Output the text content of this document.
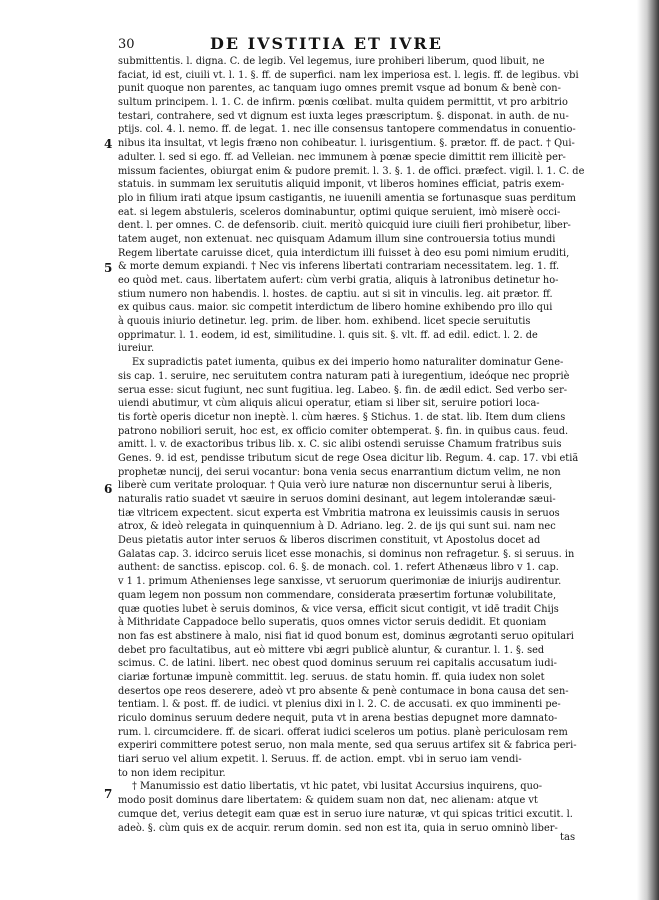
30	DE IVSTITIA ET IVRE
submittentis. l. digna. C. de legib. Vel legemus, iure prohiberi liberum, quod libuit, ne
faciat, id est, ciuili vt. l. 1. §. ff. de superfici. nam lex imperiosa est. l. legis. ff. de legibus. vbi
punit quoque non parentes, ac tanquam iugo omnes premit vsque ad bonum & benè con-
sultum principem. l. 1. C. de infirm. pœnis cœlibat. multa quidem permittit, vt pro arbitrio
testari, contrahere, sed vt dignum est iuxta leges præscriptum. §. disponat. in auth. de nu-
ptijs. col. 4. l. nemo. ff. de legat. 1. nec ille consensus tantopere commendatus in conuentio-
nibus ita insultat, vt legis fræno non cohibeatur. l. iurisgentium. §. prætor. ff. de pact. † Qui-
adulter. l. sed si ego. ff. ad Velleian. nec immunem à pœnæ specie dimittit rem illicitè per-
missum facientes, obiurgat enim & pudore premit. l. 3. §. 1. de offici. præfect. vigil. l. 1. C. de
statuis. in summam lex seruitutis aliquid imponit, vt liberos homines efficiat, patris exem-
plo in filium irati atque ipsum castigantis, ne iuuenili amentia se fortunasque suas perditum
eat. si legem abstuleris, sceleros dominabuntur, optimi quique seruient, imò miserè occi-
dent. l. per omnes. C. de defensorib. ciuit. meritò quicquid iure ciuili fieri prohibetur, liber-
tatem auget, non extenuat. nec quisquam Adamum illum sine controuersia totius mundi
Regem libertate caruisse dicet, quia interdictum illi fuisset à deo esu pomi nimium eruditi,
& morte demum expiandi. † Nec vis inferens libertati contrariam necessitatem. leg. 1. ff.
eo quòd met. caus. libertatem aufert: cùm verbi gratia, aliquis à latronibus detinetur ho-
stium numero non habendis. l. hostes. de captiu. aut si sit in vinculis. leg. ait prætor. ff.
ex quibus caus. maior. sic competit interdictum de libero homine exhibendo pro illo qui
à quouis iniurio detinetur. leg. prim. de liber. hom. exhibend. licet specie seruitutis
opprimatur. l. 1. eodem, id est, similitudine. l. quis sit. §. vlt. ff. ad edil. edict. l. 2. de
iureiur.
Ex supradictis patet iumenta, quibus ex dei imperio homo naturaliter dominatur Gene-
sis cap. 1. seruire, nec seruitutem contra naturam pati à iuregentium, ideóque nec propriè
serua esse: sicut fugiunt, nec sunt fugitiua. leg. Labeo. §. fin. de ædil edict. Sed verbo ser-
uiendi abutimur, vt cùm aliquis alicui operatur, etiam si liber sit, seruire potiori loca-
tis fortè operis dicetur non ineptè. l. cùm hæres. § Stichus. 1. de stat. lib. Item dum cliens
patrono nobiliori seruit, hoc est, ex officio comiter obtemperat. §. fin. in quibus caus. feud.
amitt. l. v. de exactoribus tribus lib. x. C. sic alibi ostendi seruisse Chamum fratribus suis
Genes. 9. id est, pendisse tributum sicut de rege Osea dicitur lib. Regum. 4. cap. 17. vbi etiã
prophetæ nuncij, dei serui vocantur: bona venia secus enarrantium dictum velim, ne non
liberè cum veritate proloquar. † Quia verò iure naturæ non discernuntur serui à liberis,
naturalis ratio suadet vt sæuire in seruos domini desinant, aut legem intolerandæ sæui-
tiæ vltricem expectent. sicut experta est Vmbritia matrona ex leuissimis causis in seruos
atrox, & ideò relegata in quinquennium à D. Adriano. leg. 2. de ijs qui sunt sui. nam nec
Deus pietatis autor inter seruos & liberos discrimen constituit, vt Apostolus docet ad
Galatas cap. 3. idcirco seruis licet esse monachis, si dominus non refragetur. §. si seruus. in
authent: de sanctiss. episcop. col. 6. §. de monach. col. 1. refert Athenæus libro v 1. cap.
v 1 1. primum Athenienses lege sanxisse, vt seruorum querimoniæ de iniurijs audirentur.
quam legem non possum non commendare, considerata præsertim fortunæ volubilitate,
quæ quoties lubet è seruis dominos, & vice versa, efficit sicut contigit, vt idē tradit Chijs
à Mithridate Cappadoce bello superatis, quos omnes victor seruis dedidit. Et quoniam
non fas est abstinere à malo, nisi fiat id quod bonum est, dominus ægrotanti seruo opitulari
debet pro facultatibus, aut eò mittere vbi ægri publicè aluntur, & curantur. l. 1. §. sed
scimus. C. de latini. libert. nec obest quod dominus seruum rei capitalis accusatum iudi-
ciariæ fortunæ impunè committit. leg. seruus. de statu homin. ff. quia iudex non solet
desertos ope reos deserere, adeò vt pro absente & penè contumace in bona causa det sen-
tentiam. l. & post. ff. de iudici. vt plenius dixi in l. 2. C. de accusati. ex quo imminenti pe-
riculo dominus seruum dedere nequit, puta vt in arena bestias depugnet more damnato-
rum. l. circumcidere. ff. de sicari. offerat iudici sceleros um potius. planè periculosam rem
experiri committere potest seruo, non mala mente, sed qua seruus artifex sit & fabrica peri-
tiari seruo vel alium expetit. l. Seruus. ff. de action. empt. vbi in seruo iam vendi-
to non idem recipitur.
† Manumissio est datio libertatis, vt hic patet, vbi lusitat Accursius inquirens, quo-
modo posit dominus dare libertatem: & quidem suam non dat, nec alienam: atque vt
cumque det, verius detegit eam quæ est in seruo iure naturæ, vt qui spicas tritici excutit. l.
adeò. §. cùm quis ex de acquir. rerum domin. sed non est ita, quia in seruo omninò liber-
4
5
6
7
tas
